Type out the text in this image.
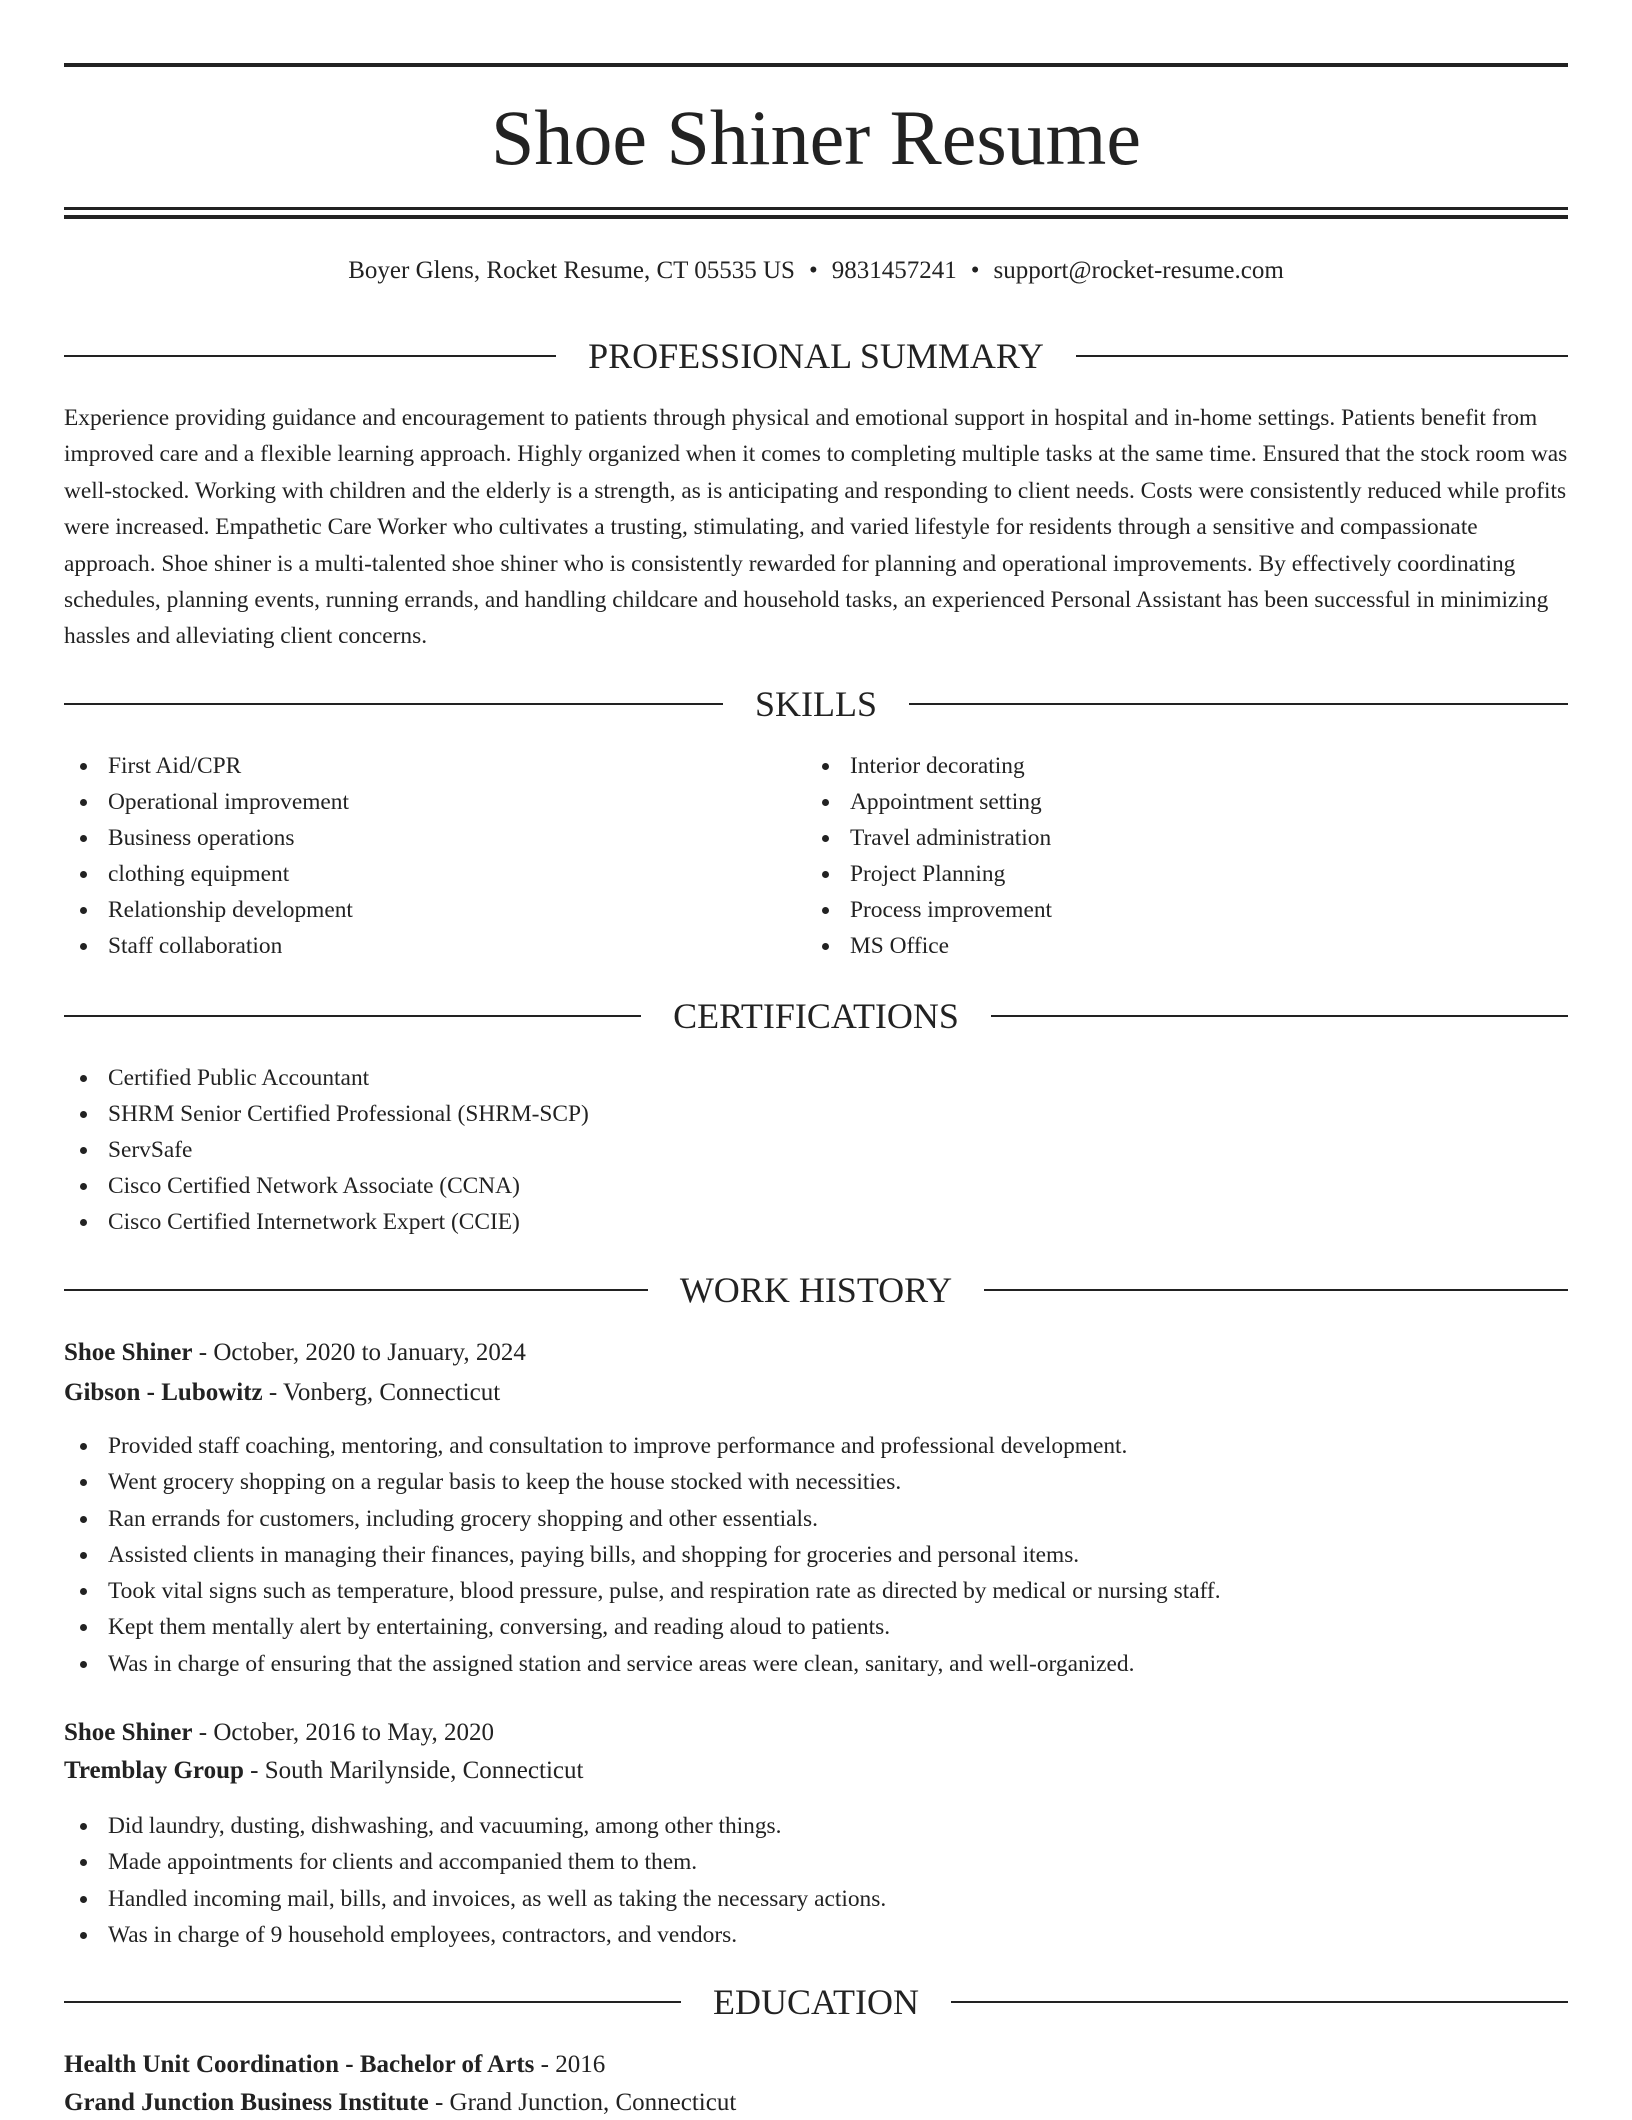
Shoe Shiner Resume
Boyer Glens, Rocket Resume, CT 05535 US • 9831457241 • support@rocket-resume.com
PROFESSIONAL SUMMARY

Experience providing guidance and encouragement to patients through physical and emotional support in hospital and in-home settings. Patients benefit from improved care and a flexible learning approach. Highly organized when it comes to completing multiple tasks at the same time. Ensured that the stock room was well-stocked. Working with children and the elderly is a strength, as is anticipating and responding to client needs. Costs were consistently reduced while profits were increased. Empathetic Care Worker who cultivates a trusting, stimulating, and varied lifestyle for residents through a sensitive and compassionate approach. Shoe shiner is a multi-talented shoe shiner who is consistently rewarded for planning and operational improvements. By effectively coordinating schedules, planning events, running errands, and handling childcare and household tasks, an experienced Personal Assistant has been successful in minimizing hassles and alleviating client concerns.

SKILLS
First Aid/CPR
Operational improvement
Business operations
clothing equipment
Relationship development
Staff collaboration
Interior decorating
Appointment setting
Travel administration
Project Planning
Process improvement
MS Office
CERTIFICATIONS
Certified Public Accountant
SHRM Senior Certified Professional (SHRM-SCP)
ServSafe
Cisco Certified Network Associate (CCNA)
Cisco Certified Internetwork Expert (CCIE)
WORK HISTORY
Shoe Shiner - October, 2020 to January, 2024
Gibson - Lubowitz - Vonberg, Connecticut
Provided staff coaching, mentoring, and consultation to improve performance and professional development.
Went grocery shopping on a regular basis to keep the house stocked with necessities.
Ran errands for customers, including grocery shopping and other essentials.
Assisted clients in managing their finances, paying bills, and shopping for groceries and personal items.
Took vital signs such as temperature, blood pressure, pulse, and respiration rate as directed by medical or nursing staff.
Kept them mentally alert by entertaining, conversing, and reading aloud to patients.
Was in charge of ensuring that the assigned station and service areas were clean, sanitary, and well-organized.
Shoe Shiner - October, 2016 to May, 2020
Tremblay Group - South Marilynside, Connecticut
Did laundry, dusting, dishwashing, and vacuuming, among other things.
Made appointments for clients and accompanied them to them.
Handled incoming mail, bills, and invoices, as well as taking the necessary actions.
Was in charge of 9 household employees, contractors, and vendors.
EDUCATION
Health Unit Coordination - Bachelor of Arts - 2016
Grand Junction Business Institute - Grand Junction, Connecticut
